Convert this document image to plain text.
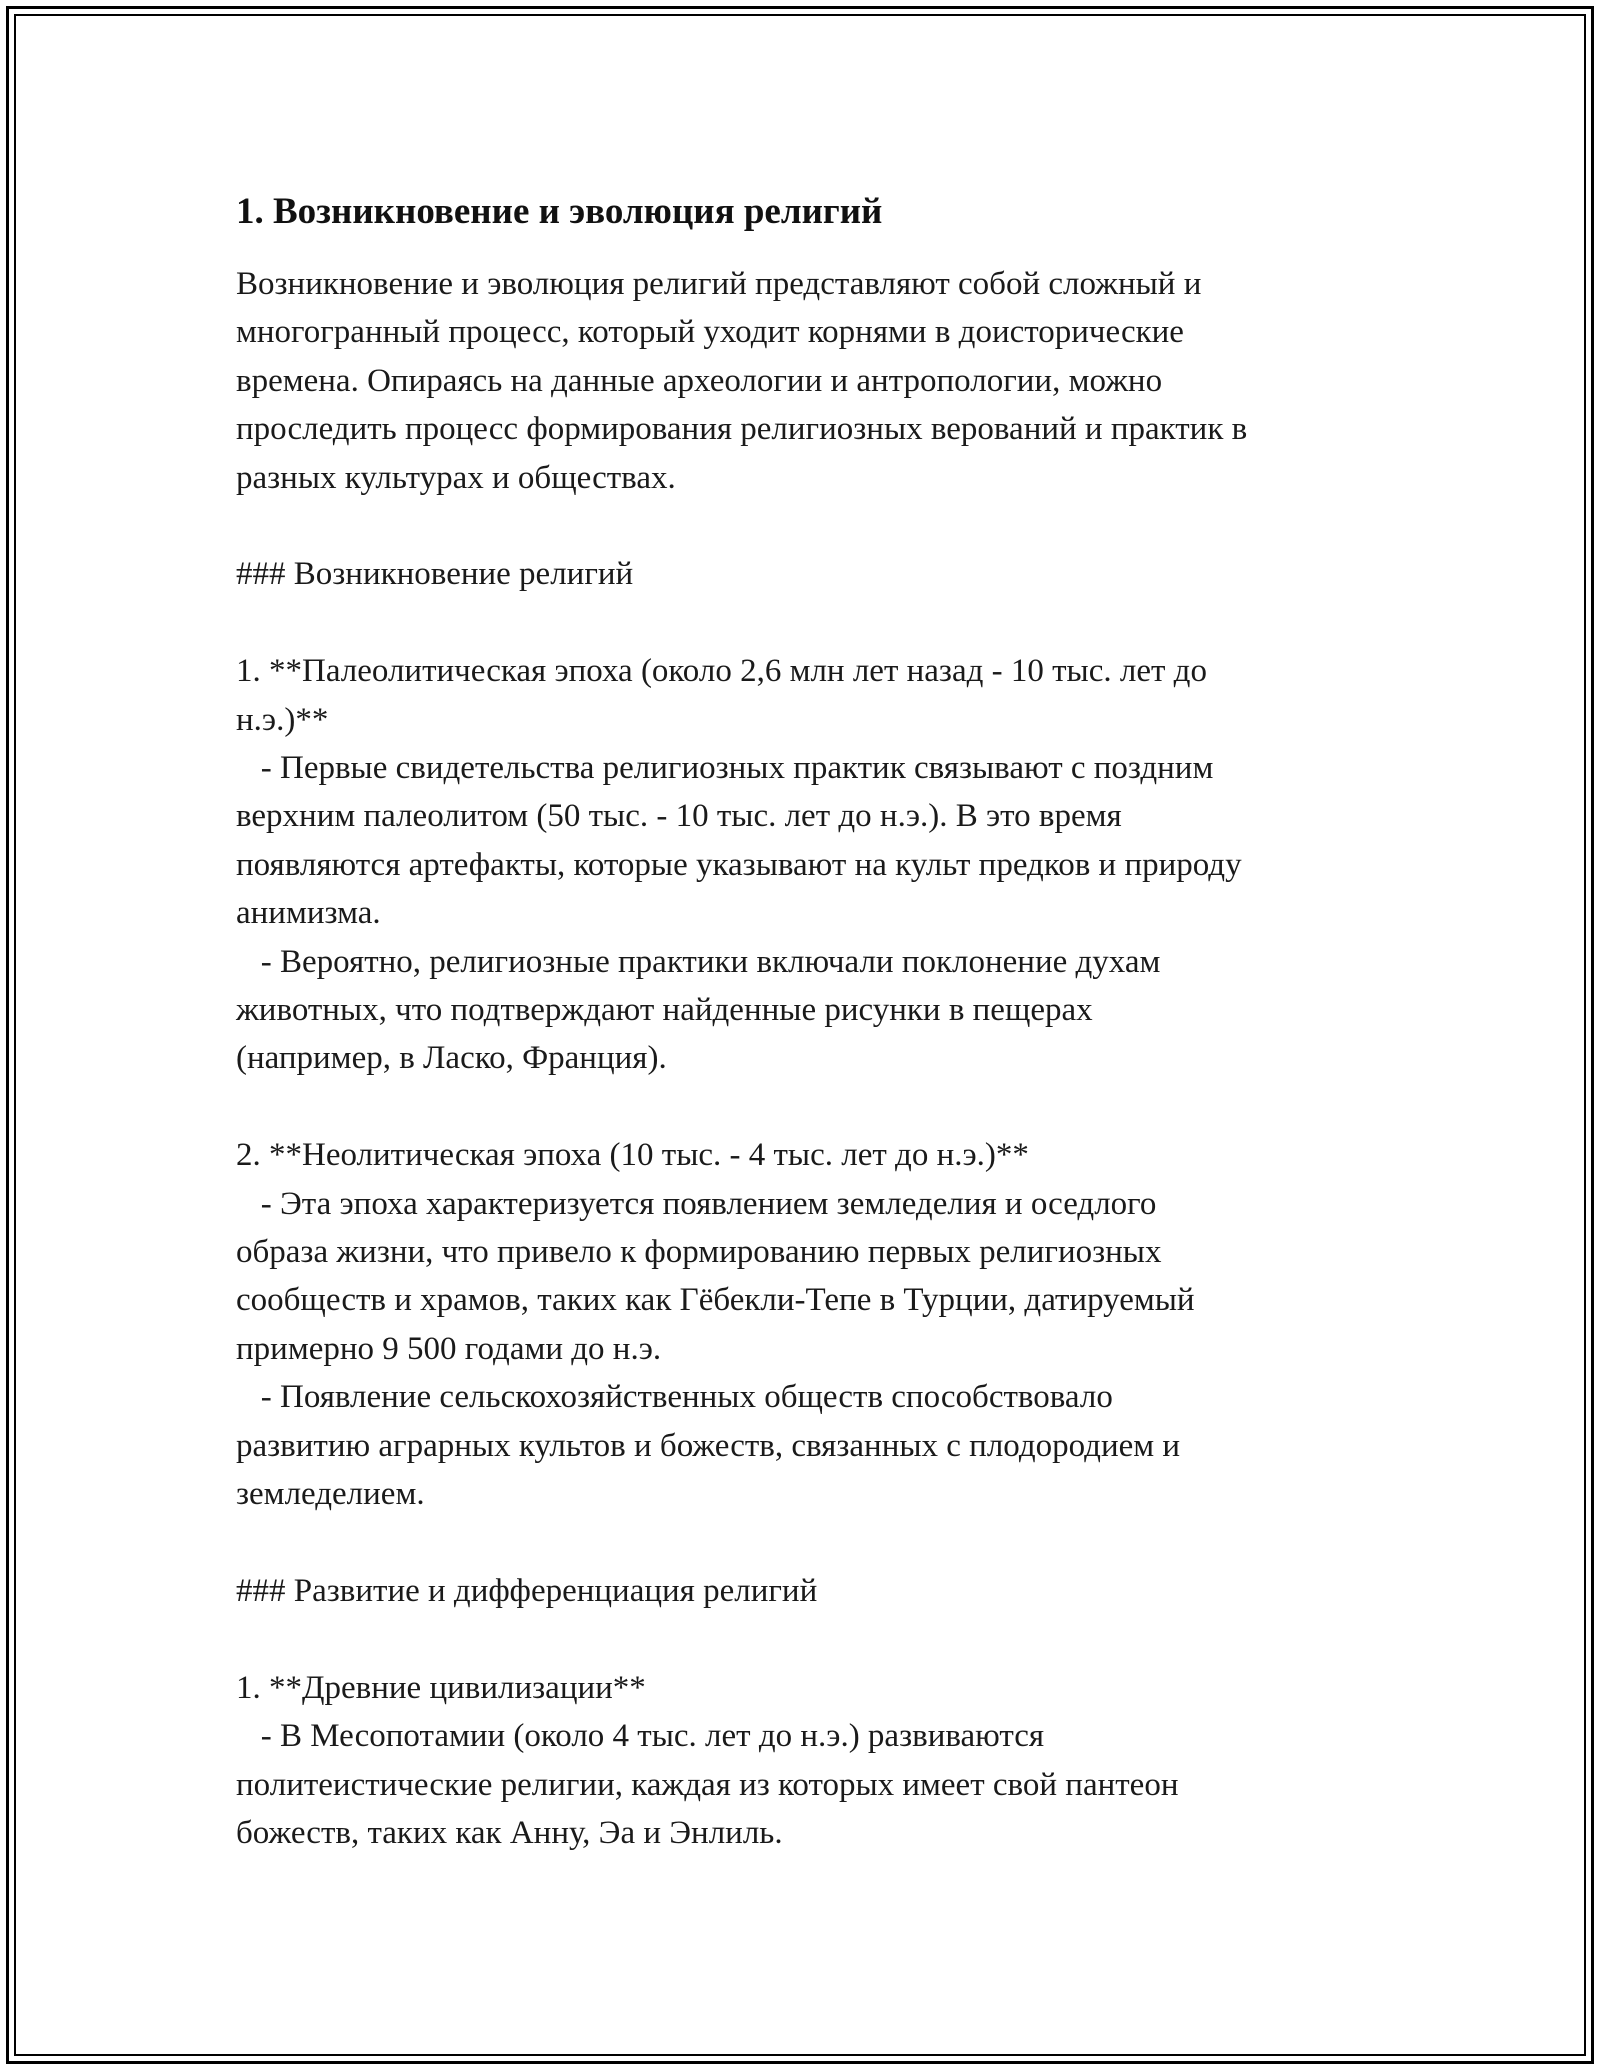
1. Возникновение и эволюция религий

Возникновение и эволюция религий представляют собой сложный и
многогранный процесс, который уходит корнями в доисторические
времена. Опираясь на данные археологии и антропологии, можно
проследить процесс формирования религиозных верований и практик в
разных культурах и обществах.

### Возникновение религий

1. **Палеолитическая эпоха (около 2,6 млн лет назад - 10 тыс. лет до
н.э.)**

- Первые свидетельства религиозных практик связывают с поздним
верхним палеолитом (50 тыс. - 10 тыс. лет до н.э.). В это время
появляются артефакты, которые указывают на культ предков и природу
анимизма.

- Вероятно, религиозные практики включали поклонение духам
животных, что подтверждают найденные рисунки в пещерах
(например, в Ласко, Франция).

2. **Неолитическая эпоха (10 тыс. - 4 тыс. лет до н.э.)**

- Эта эпоха характеризуется появлением земледелия и оседлого
образа жизни, что привело к формированию первых религиозных
сообществ и храмов, таких как Гёбекли-Тепе в Турции, датируемый
примерно 9 500 годами до н.э.

- Появление сельскохозяйственных обществ способствовало
развитию аграрных культов и божеств, связанных с плодородием и
земледелием.

### Развитие и дифференциация религий

1. **Древние цивилизации**

- В Месопотамии (около 4 тыс. лет до н.э.) развиваются
политеистические религии, каждая из которых имеет свой пантеон
божеств, таких как Анну, Эа и Энлиль.
